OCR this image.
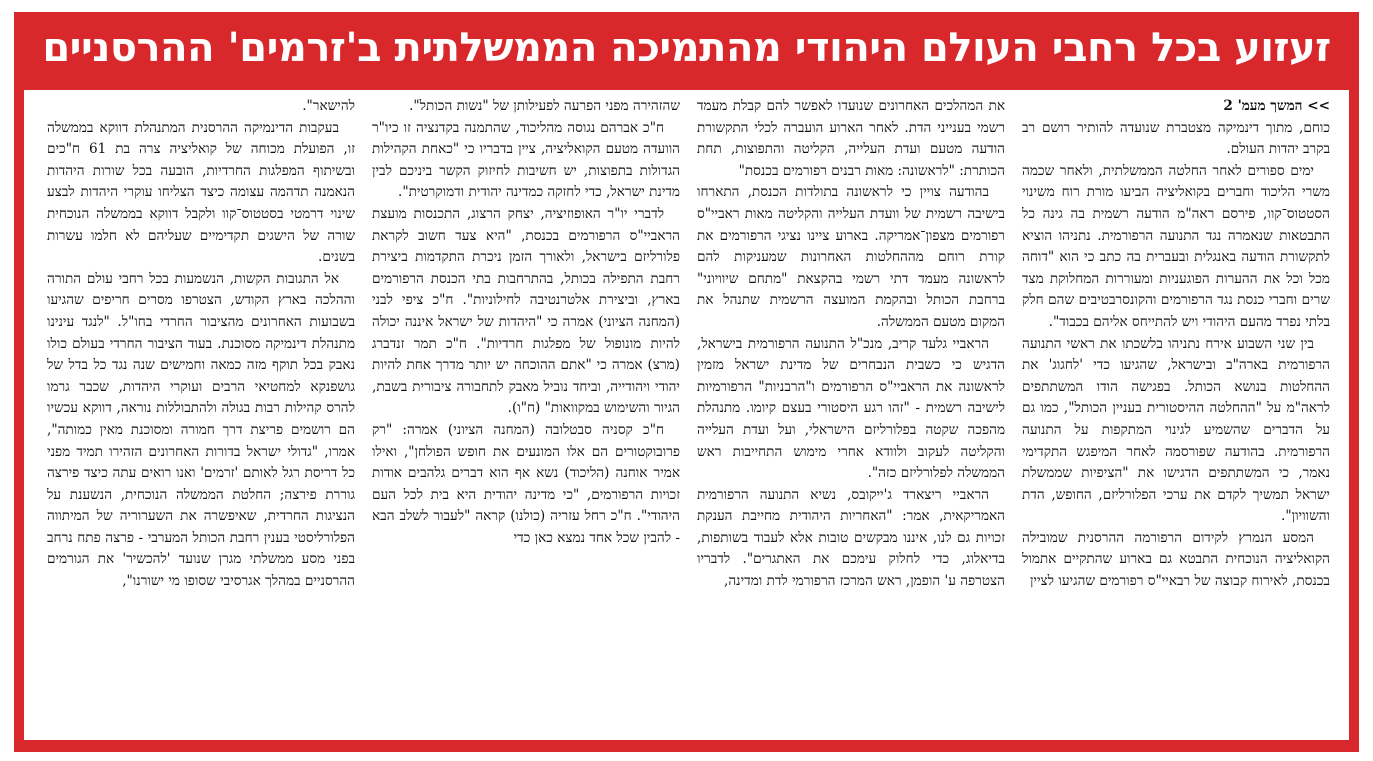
זעזוע בכל רחבי העולם היהודי מהתמיכה הממשלתית ב'זרמים' ההרסניים

>> המשך מעמ' 2

כוחם, מתוך דינמיקה מצטברת שנועדה להותיר רושם רב בקרב יהדות העולם.

ימים ספורים לאחר החלטה הממשלתית, ולאחר שכמה משרי הליכוד וחברים בקואליציה הביעו מורת רוח משינוי הסטטוס־קוו, פירסם ראה"מ הודעה רשמית בה גינה כל התבטאות שנאמרה נגד התנועה הרפורמית. נתניהו הוציא לתקשורת הודעה באנגלית ובעברית בה כתב כי הוא "דוחה מכל וכל את ההערות הפוגעניות ומעוררות המחלוקת מצד שרים וחברי כנסת נגד הרפורמים והקונסרבטיבים שהם חלק בלתי נפרד מהעם היהודי ויש להתייחס אליהם בכבוד".

בין שני השבוע אירח נתניהו בלשכתו את ראשי התנועה הרפורמית בארה"ב ובישראל, שהגיעו כדי 'לחגוג' את ההחלטות בנושא הכותל. בפגישה הודו המשתתפים לראה"מ על "ההחלטה ההיסטורית בעניין הכותל", כמו גם על הדברים שהשמיע לגינוי המתקפות על התנועה הרפורמית. בהודעה שפורסמה לאחר המיפגש התקדימי נאמר, כי המשתתפים הדגישו את "הציפיות שממשלת ישראל תמשיך לקדם את ערכי הפלורליזם, החופש, הדת והשוויון".

המסע הנמרץ לקידום הרפורמה ההרסנית שמובילה הקואליציה הנוכחית התבטא גם בארוע שהתקיים אתמול בכנסת, לאירוח קבוצה של רבאיי"ס רפורמים שהגיעו לציין

את המהלכים האחרונים שנועדו לאפשר להם קבלת מעמד רשמי בענייני הדת. לאחר הארוע הועברה לכלי התקשורת הודעה מטעם ועדת העלייה, הקליטה והתפוצות, תחת הכותרת: "לראשונה: מאות רבנים רפורמים בכנסת"

בהודעה צויין כי לראשונה בתולדות הכנסת, התארחו בישיבה רשמית של וועדת העלייה והקליטה מאות ראביי"ס רפורמים מצפון־אמריקה. בארוע ציינו נציגי הרפורמים את קורת רוחם מההחלטות האחרונות שמעניקות להם לראשונה מעמד דתי רשמי בהקצאת "מתחם שיוויוני" ברחבת הכותל ובהקמת המועצה הרשמית שתנהל את המקום מטעם הממשלה.

הראביי גלעד קריב, מנכ"ל התנועה הרפורמית בישראל, הדגיש כי כשבית הנבחרים של מדינת ישראל מזמין לראשונה את הראביי"ס הרפורמים ו"הרבניות" הרפורמיות לישיבה רשמית - "זהו רגע היסטורי בעצם קיומו. מתנהלת מהפכה שקטה בפלורליזם הישראלי, ועל ועדת העלייה והקליטה לעקוב ולוודא אחרי מימוש התחייבות ראש הממשלה לפלורליזם כזה".

הראביי ריצארד ג'ייקובס, נשיא התנועה הרפורמית האמריקאית, אמר: "האחריות היהודית מחייבת הענקת זכויות גם לנו, איננו מבקשים טובות אלא לעבוד בשותפות, בדיאלוג, כדי לחלוק עימכם את האתגרים". לדבריו הצטרפה ע' הופמן, ראש המרכז הרפורמי לדת ומדינה,

שהזהירה מפני הפרעה לפעילותן של "נשות הכותל".

ח"כ אברהם נגוסה מהליכוד, שהתמנה בקדנציה זו כיו"ר הוועדה מטעם הקואליציה, ציין בדבריו כי "כאחת הקהילות הגדולות בתפוצות, יש חשיבות לחיזוק הקשר ביניכם לבין מדינת ישראל, כדי לחזקה כמדינה יהודית ודמוקרטית".

לדברי יו"ר האופוזיציה, יצחק הרצוג, התכנסות מועצת הראביי"ס הרפורמים בכנסת, "היא צעד חשוב לקראת פלורליזם בישראל, ולאורך הזמן ניכרת התקדמות ביצירת רחבת התפילה בכותל, בהתרחבות בתי הכנסת הרפורמים בארץ, וביצירת אלטרנטיבה לחילוניות". ח"כ ציפי לבני (המחנה הציוני) אמרה כי "היהדות של ישראל איננה יכולה להיות מונופול של מפלגות חרדיות". ח"כ תמר זנדברג (מרצ) אמרה כי "אתם ההוכחה יש יותר מדרך אחת להיות יהודי ויהודייה, וביחד נוביל מאבק לתחבורה ציבורית בשבת, הגיור והשימוש במקוואות" (ח"ו).

ח"כ קסניה סבטלובה (המחנה הציוני) אמרה: "רק פרובוקטורים הם אלו המונעים את חופש הפולחן", ואילו אמיר אוחנה (הליכוד) נשא אף הוא דברים גלהבים אודות זכויות הרפורמים, "כי מדינה יהודית היא בית לכל העם היהודי". ח"כ רחל עזריה (כולנו) קראה "לעבור לשלב הבא - להבין שכל אחד נמצא כאן כדי

להישאר".

בעקבות הדינמיקה ההרסנית המתנהלת דווקא בממשלה זו, הפועלת מכוחה של קואליציה צרה בת 61 ח"כים ובשיתוף המפלגות החרדיות, הובעה בכל שורות היהדות הנאמנה תדהמה עצומה כיצד הצליחו עוקרי היהדות לבצע שינוי דרמטי בסטטוס־קוו ולקבל דווקא בממשלה הנוכחית שורה של הישגים תקדימיים שעליהם לא חלמו עשרות בשנים.

אל התגובות הקשות, הנשמעות בכל רחבי עולם התורה וההלכה בארץ הקודש, הצטרפו מסרים חריפים שהגיעו בשבועות האחרונים מהציבור החרדי בחו"ל. "לנגד עינינו מתנהלת דינמיקה מסוכנת. בעוד הציבור החרדי בעולם כולו נאבק בכל תוקף מזה כמאה וחמישים שנה נגד כל בדל של גושפנקא למחטיאי הרבים ועוקרי היהדות, שכבר גרמו להרס קהילות רבות בגולה ולהתבוללות נוראה, דווקא עכשיו הם רושמים פריצת דרך חמורה ומסוכנת מאין כמותה", אמרו, "גדולי ישראל בדורות האחרונים הזהירו תמיד מפני כל דריסת רגל לאותם 'זרמים' ואנו רואים עתה כיצד פירצה גוררת פירצה; החלטת הממשלה הנוכחית, הנשענת על הנציגות החרדית, שאיפשרה את השערוריה של המיתווה הפלורליסטי בענין רחבת הכותל המערבי - פרצה פתח נרחב בפני מסע ממשלתי מגרן שנועד 'להכשיר' את הגורמים ההרסניים במהלך אגרסיבי שסופו מי ישורנו",
